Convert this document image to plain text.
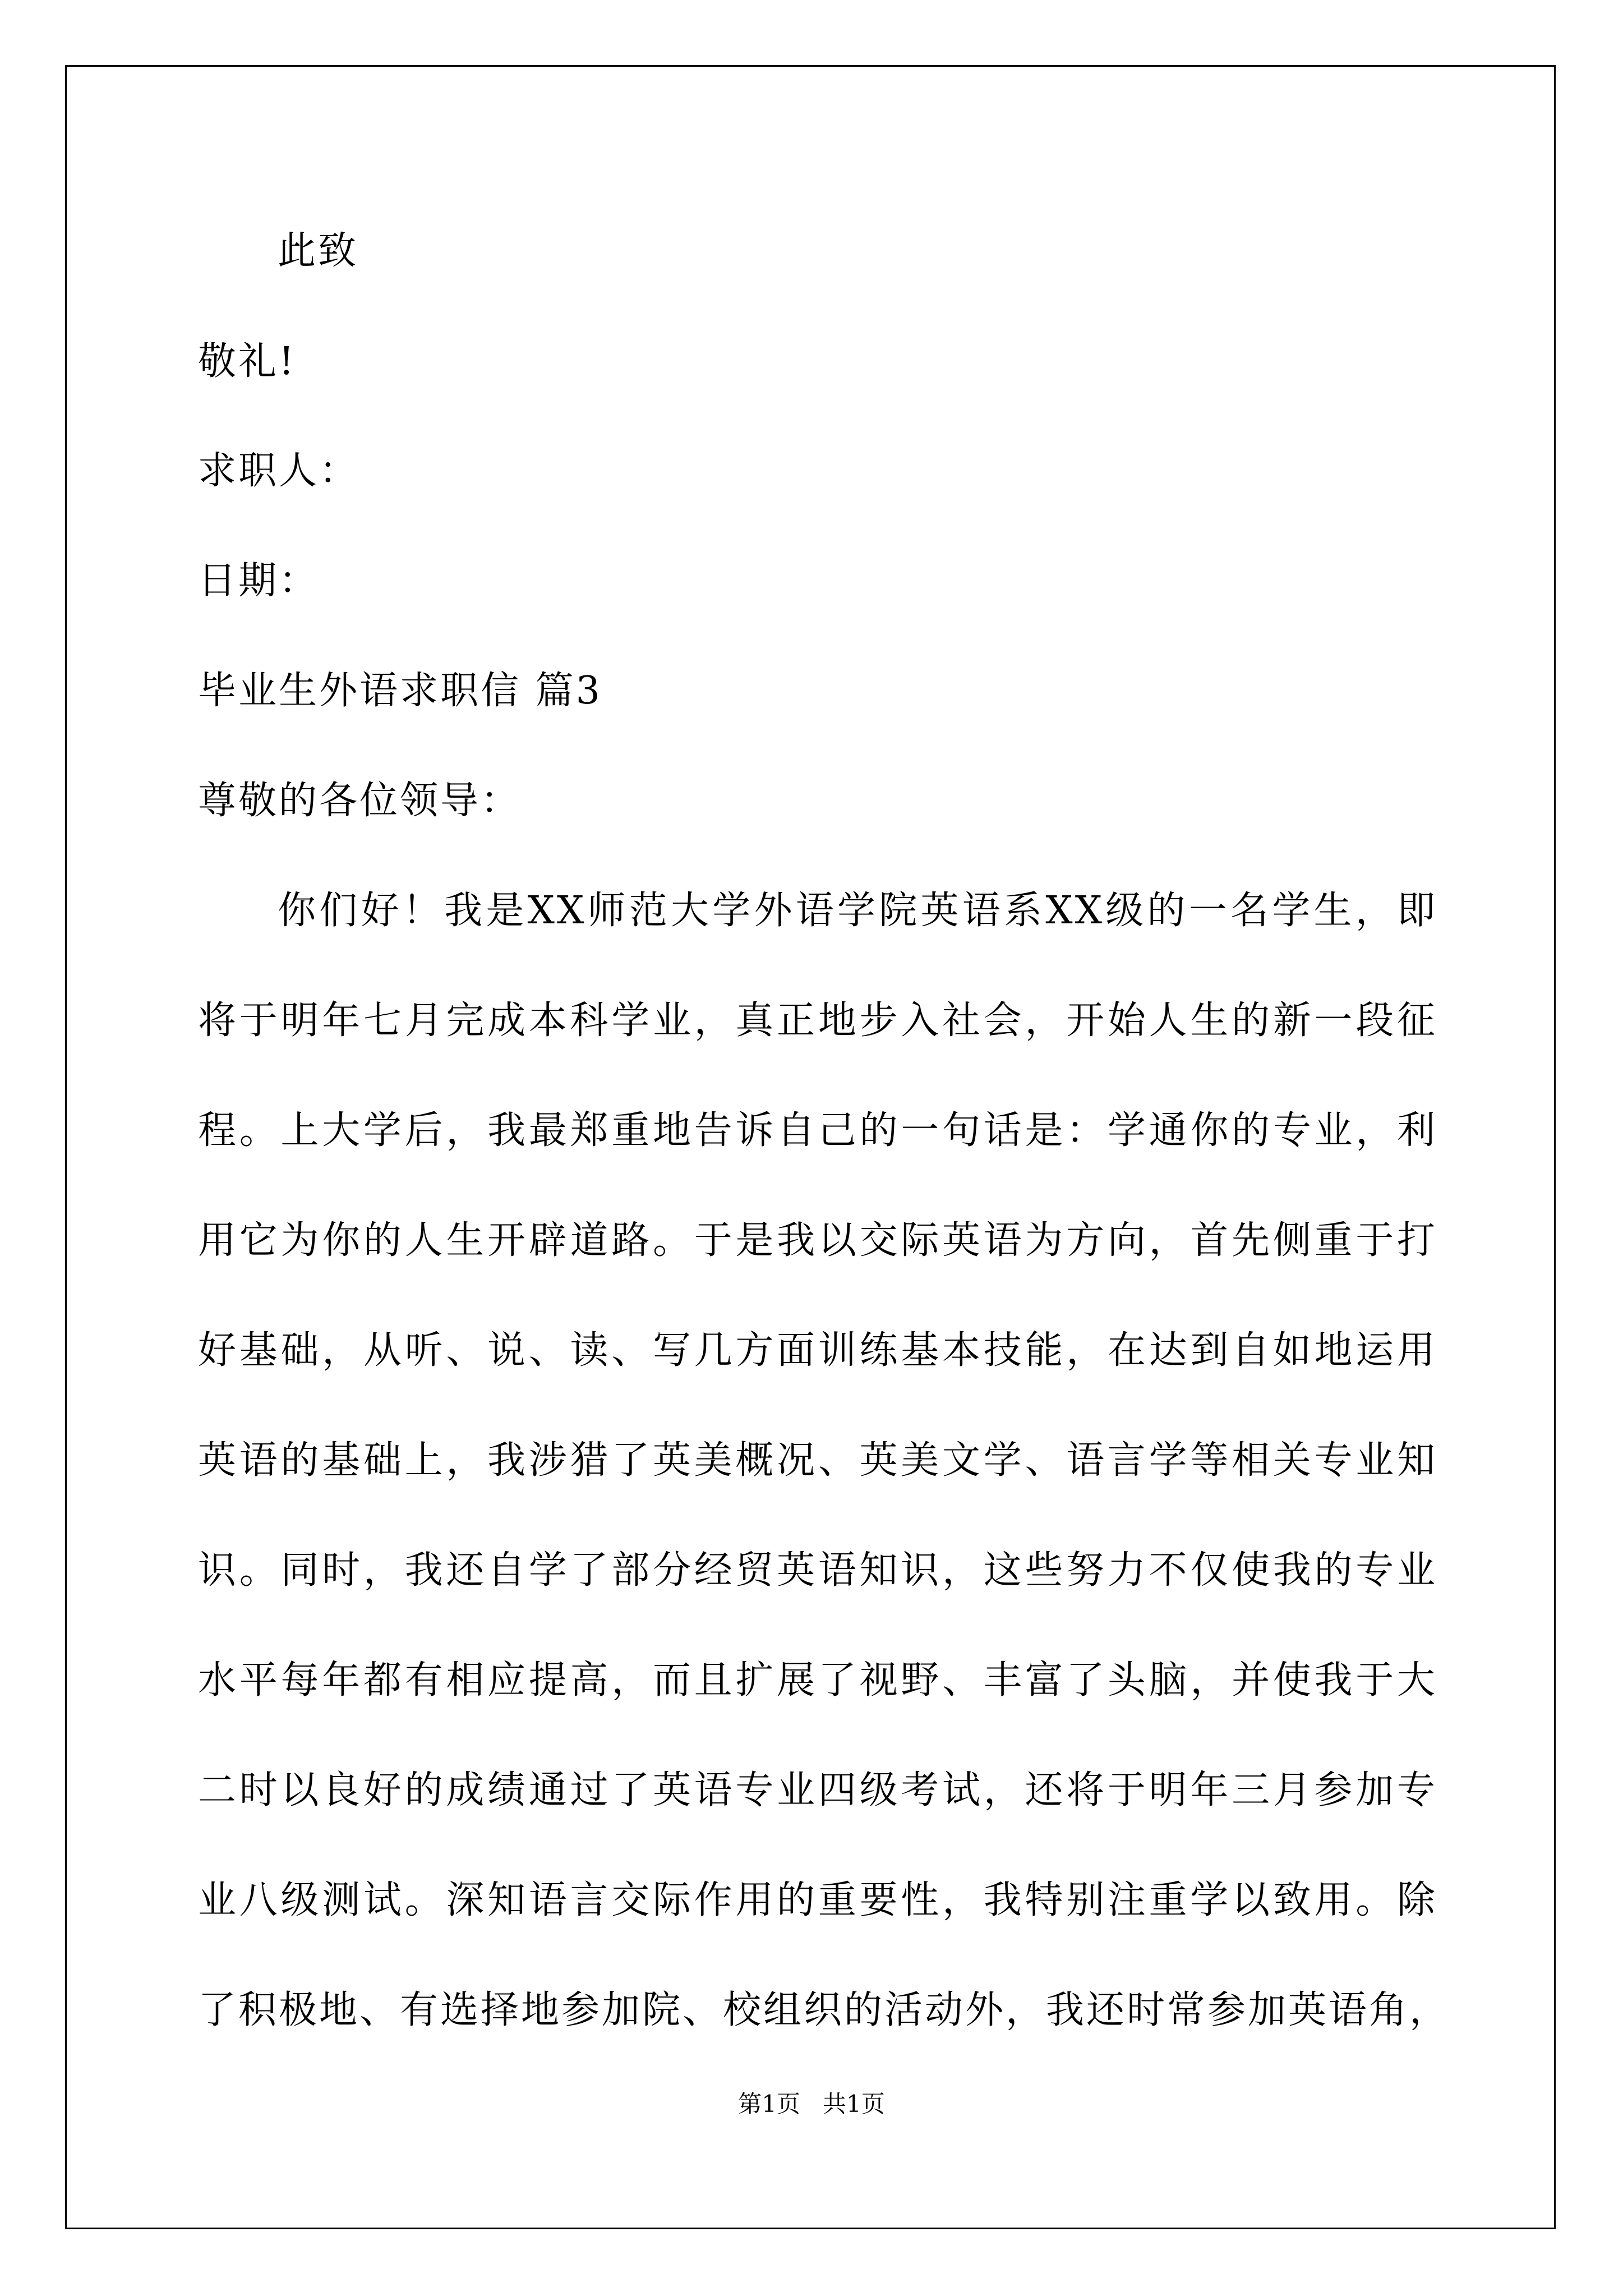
此致
敬礼!
求职人：
日期：
毕业生外语求职信 篇3
尊敬的各位领导：
你们好！我是XX师范大学外语学院英语系XX级的一名学生，即
将于明年七月完成本科学业，真正地步入社会，开始人生的新一段征
程。上大学后，我最郑重地告诉自己的一句话是：学通你的专业，利
用它为你的人生开辟道路。于是我以交际英语为方向，首先侧重于打
好基础，从听、说、读、写几方面训练基本技能，在达到自如地运用
英语的基础上，我涉猎了英美概况、英美文学、语言学等相关专业知
识。同时，我还自学了部分经贸英语知识，这些努力不仅使我的专业
水平每年都有相应提高，而且扩展了视野、丰富了头脑，并使我于大
二时以良好的成绩通过了英语专业四级考试，还将于明年三月参加专
业八级测试。深知语言交际作用的重要性，我特别注重学以致用。除
了积极地、有选择地参加院、校组织的活动外，我还时常参加英语角，
第1页   共1页
